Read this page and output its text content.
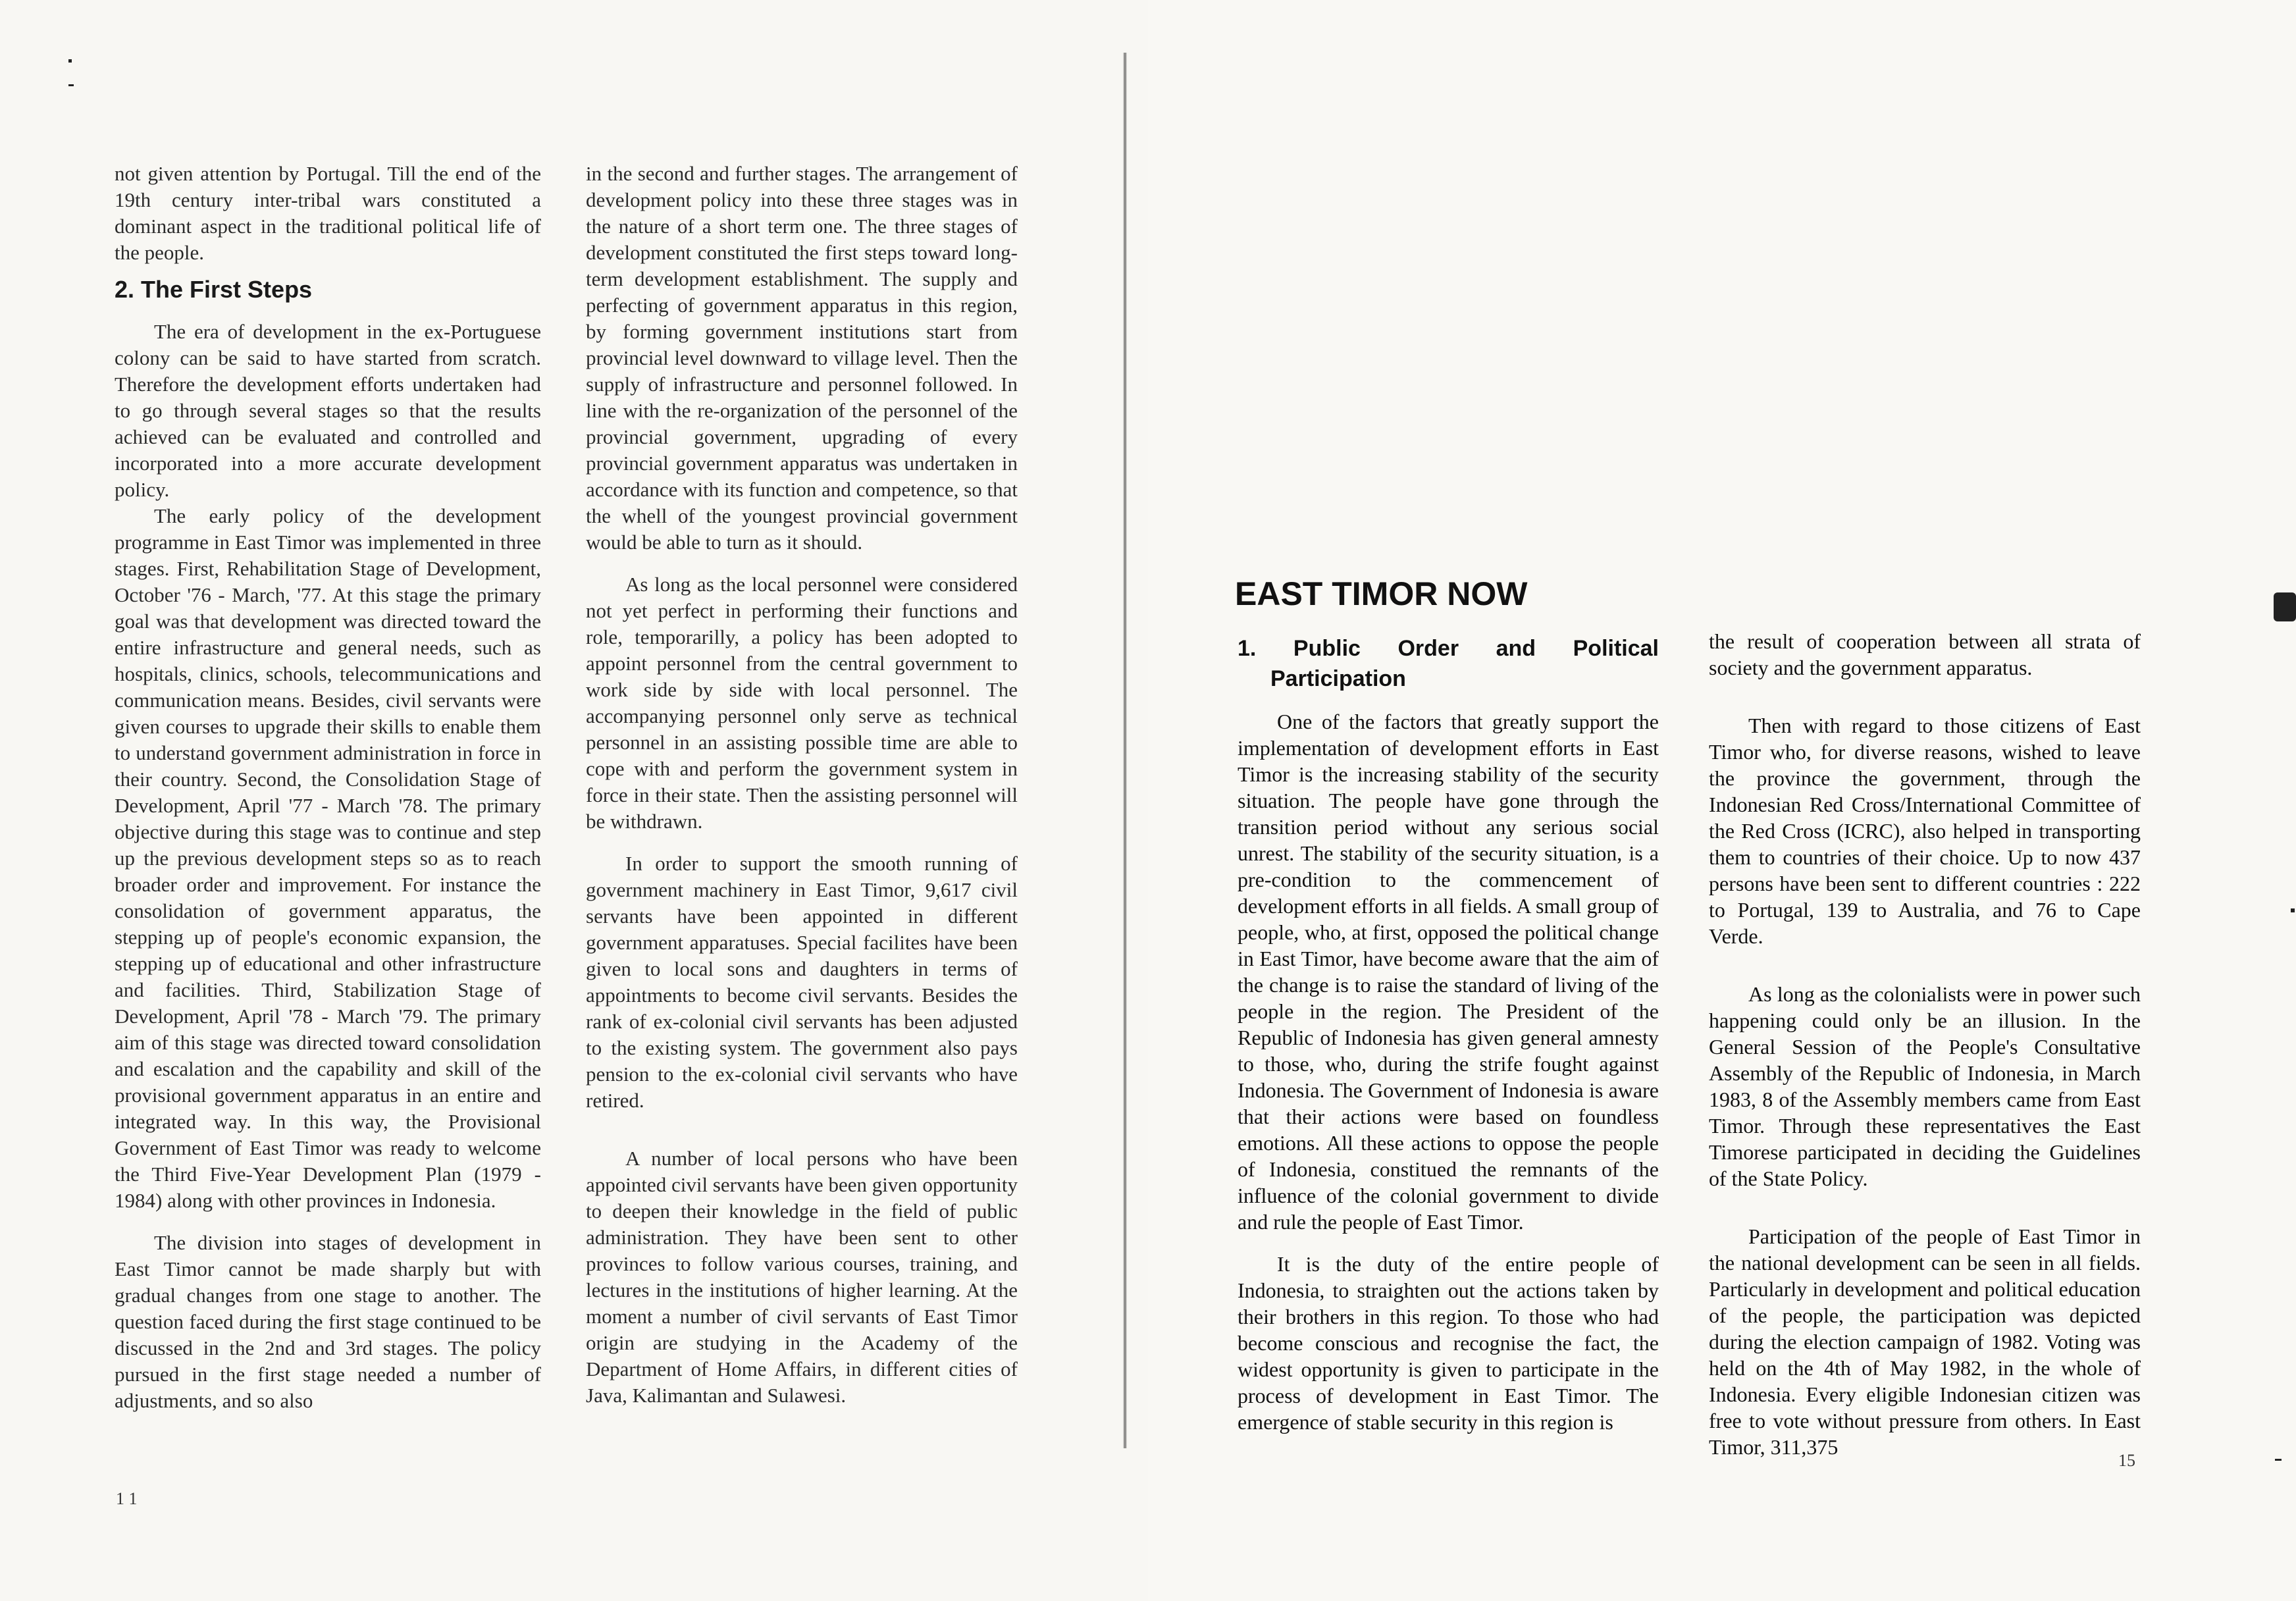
not given attention by Portugal. Till the end of the 19th century inter-tribal wars constituted a dominant aspect in the traditional political life of the people.

2. The First Steps

The era of development in the ex-Portuguese colony can be said to have started from scratch. Therefore the development efforts undertaken had to go through several stages so that the results achieved can be evaluated and controlled and incorporated into a more accurate development policy.

The early policy of the development programme in East Timor was implemented in three stages. First, Rehabilitation Stage of Development, October '76 - March, '77. At this stage the primary goal was that development was directed toward the entire infrastructure and general needs, such as hospitals, clinics, schools, telecommunications and communication means. Besides, civil servants were given courses to upgrade their skills to enable them to understand government administration in force in their country. Second, the Consolidation Stage of Development, April '77 - March '78. The primary objective during this stage was to continue and step up the previous development steps so as to reach broader order and improvement. For instance the consolidation of government apparatus, the stepping up of people's economic expansion, the stepping up of educational and other infrastructure and facilities. Third, Stabilization Stage of Development, April '78 - March '79. The primary aim of this stage was directed toward consolidation and escalation and the capability and skill of the provisional government apparatus in an entire and integrated way. In this way, the Provisional Government of East Timor was ready to welcome the Third Five-Year Development Plan (1979 - 1984) along with other provinces in Indonesia.

The division into stages of development in East Timor cannot be made sharply but with gradual changes from one stage to another. The question faced during the first stage continued to be discussed in the 2nd and 3rd stages. The policy pursued in the first stage needed a number of adjustments, and so also

in the second and further stages. The arrangement of development policy into these three stages was in the nature of a short term one. The three stages of development constituted the first steps toward long-term development establishment. The supply and perfecting of government apparatus in this region, by forming government institutions start from provincial level downward to village level. Then the supply of infrastructure and personnel followed. In line with the re-organization of the personnel of the provincial government, upgrading of every provincial government apparatus was undertaken in accordance with its function and competence, so that the whell of the youngest provincial government would be able to turn as it should.

As long as the local personnel were considered not yet perfect in performing their functions and role, temporarilly, a policy has been adopted to appoint personnel from the central government to work side by side with local personnel. The accompanying personnel only serve as technical personnel in an assisting possible time are able to cope with and perform the government system in force in their state. Then the assisting personnel will be withdrawn.

In order to support the smooth running of government machinery in East Timor, 9,617 civil servants have been appointed in different government apparatuses. Special facilites have been given to local sons and daughters in terms of appointments to become civil servants. Besides the rank of ex-colonial civil servants has been adjusted to the existing system. The government also pays pension to the ex-colonial civil servants who have retired.

A number of local persons who have been appointed civil servants have been given opportunity to deepen their knowledge in the field of public administration. They have been sent to other provinces to follow various courses, training, and lectures in the institutions of higher learning. At the moment a number of civil servants of East Timor origin are studying in the Academy of the Department of Home Affairs, in different cities of Java, Kalimantan and Sulawesi.

1 1
EAST TIMOR NOW
1. Public Order and Political Participation

One of the factors that greatly support the implementation of development efforts in East Timor is the increasing stability of the security situation. The people have gone through the transition period without any serious social unrest. The stability of the security situation, is a pre-condition to the commencement of development efforts in all fields. A small group of people, who, at first, opposed the political change in East Timor, have become aware that the aim of the change is to raise the standard of living of the people in the region. The President of the Republic of Indonesia has given general amnesty to those, who, during the strife fought against Indonesia. The Government of Indonesia is aware that their actions were based on foundless emotions. All these actions to oppose the people of Indonesia, constitued the remnants of the influence of the colonial government to divide and rule the people of East Timor.

It is the duty of the entire people of Indonesia, to straighten out the actions taken by their brothers in this region. To those who had become conscious and recognise the fact, the widest opportunity is given to participate in the process of development in East Timor. The emergence of stable security in this region is

the result of cooperation between all strata of society and the government apparatus.

Then with regard to those citizens of East Timor who, for diverse reasons, wished to leave the province the government, through the Indonesian Red Cross/International Committee of the Red Cross (ICRC), also helped in transporting them to countries of their choice. Up to now 437 persons have been sent to different countries : 222 to Portugal, 139 to Australia, and 76 to Cape Verde.

As long as the colonialists were in power such happening could only be an illusion. In the General Session of the People's Consultative Assembly of the Republic of Indonesia, in March 1983, 8 of the Assembly members came from East Timor. Through these representatives the East Timorese participated in deciding the Guidelines of the State Policy.

Participation of the people of East Timor in the national development can be seen in all fields. Particularly in development and political education of the people, the participation was depicted during the election campaign of 1982. Voting was held on the 4th of May 1982, in the whole of Indonesia. Every eligible Indonesian citizen was free to vote without pressure from others. In East Timor, 311,375

15
